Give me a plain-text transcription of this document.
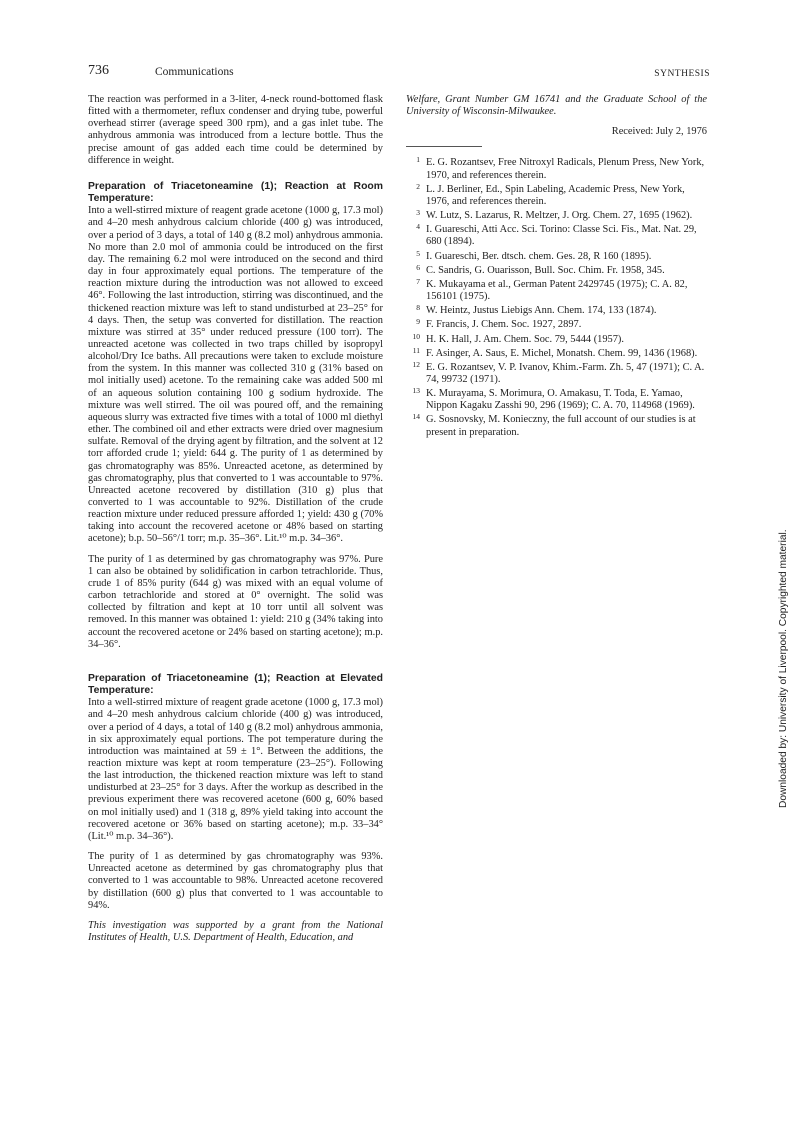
736	Communications	SYNTHESIS

The reaction was performed in a 3-liter, 4-neck round-bottomed flask fitted with a thermometer, reflux condenser and drying tube, powerful overhead stirrer (average speed 300 rpm), and a gas inlet tube. The anhydrous ammonia was introduced from a lecture bottle. Thus the precise amount of gas added each time could be determined by difference in weight.

Preparation of Triacetoneamine (1); Reaction at Room Temperature:

Into a well-stirred mixture of reagent grade acetone (1000 g, 17.3 mol) and 4–20 mesh anhydrous calcium chloride (400 g) was introduced, over a period of 3 days, a total of 140 g (8.2 mol) anhydrous ammonia. No more than 2.0 mol of ammonia could be introduced on the first day. The remaining 6.2 mol were introduced on the second and third day in four approximately equal portions. The temperature of the reaction mixture during the introduction was not allowed to exceed 46°. Following the last introduction, stirring was discontinued, and the thickened reaction mixture was left to stand undisturbed at 23–25° for 4 days. Then, the setup was converted for distillation. The reaction mixture was stirred at 35° under reduced pressure (100 torr). The unreacted acetone was collected in two traps chilled by isopropyl alcohol/Dry Ice baths. All precautions were taken to exclude moisture from the system. In this manner was collected 310 g (31% based on mol initially used) acetone. To the remaining cake was added 500 ml of an aqueous solution containing 100 g sodium hydroxide. The mixture was well stirred. The oil was poured off, and the remaining aqueous slurry was extracted five times with a total of 1000 ml diethyl ether. The combined oil and ether extracts were dried over magnesium sulfate. Removal of the drying agent by filtration, and the solvent at 12 torr afforded crude 1; yield: 644 g. The purity of 1 as determined by gas chromatography was 85%. Unreacted acetone, as determined by gas chromatography, plus that converted to 1 was accountable to 97%. Unreacted acetone recovered by distillation (310 g) plus that converted to 1 was accountable to 92%. Distillation of the crude reaction mixture under reduced pressure afforded 1; yield: 430 g (70% taking into account the recovered acetone or 48% based on starting acetone); b.p. 50–56°/1 torr; m.p. 35–36°. Lit.¹⁰ m.p. 34–36°.

The purity of 1 as determined by gas chromatography was 97%. Pure 1 can also be obtained by solidification in carbon tetrachloride. Thus, crude 1 of 85% purity (644 g) was mixed with an equal volume of carbon tetrachloride and stored at 0° overnight. The solid was collected by filtration and kept at 10 torr until all solvent was removed. In this manner was obtained 1: yield: 210 g (34% taking into account the recovered acetone or 24% based on starting acetone); m.p. 34–36°.

Preparation of Triacetoneamine (1); Reaction at Elevated Temperature:

Into a well-stirred mixture of reagent grade acetone (1000 g, 17.3 mol) and 4–20 mesh anhydrous calcium chloride (400 g) was introduced, over a period of 4 days, a total of 140 g (8.2 mol) anhydrous ammonia, in six approximately equal portions. The pot temperature during the introduction was maintained at 59 ± 1°. Between the additions, the reaction mixture was kept at room temperature (23–25°). Following the last introduction, the thickened reaction mixture was left to stand undisturbed at 23–25° for 3 days. After the workup as described in the previous experiment there was recovered acetone (600 g, 60% based on mol initially used) and 1 (318 g, 89% yield taking into account the recovered acetone or 36% based on starting acetone); m.p. 33–34° (Lit.¹⁰ m.p. 34–36°).

The purity of 1 as determined by gas chromatography was 93%. Unreacted acetone as determined by gas chromatography plus that converted to 1 was accountable to 98%. Unreacted acetone recovered by distillation (600 g) plus that converted to 1 was accountable to 94%.

This investigation was supported by a grant from the National Institutes of Health, U.S. Department of Health, Education, and

Welfare, Grant Number GM 16741 and the Graduate School of the University of Wisconsin-Milwaukee.

Received: July 2, 1976

1 E. G. Rozantsev, Free Nitroxyl Radicals, Plenum Press, New York, 1970, and references therein.
2 L. J. Berliner, Ed., Spin Labeling, Academic Press, New York, 1976, and references therein.
3 W. Lutz, S. Lazarus, R. Meltzer, J. Org. Chem. 27, 1695 (1962).
4 I. Guareschi, Atti Acc. Sci. Torino: Classe Sci. Fis., Mat. Nat. 29, 680 (1894).
5 I. Guareschi, Ber. dtsch. chem. Ges. 28, R 160 (1895).
6 C. Sandris, G. Ouarisson, Bull. Soc. Chim. Fr. 1958, 345.
7 K. Mukayama et al., German Patent 2429745 (1975); C. A. 82, 156101 (1975).
8 W. Heintz, Justus Liebigs Ann. Chem. 174, 133 (1874).
9 F. Francis, J. Chem. Soc. 1927, 2897.
10 H. K. Hall, J. Am. Chem. Soc. 79, 5444 (1957).
11 F. Asinger, A. Saus, E. Michel, Monatsh. Chem. 99, 1436 (1968).
12 E. G. Rozantsev, V. P. Ivanov, Khim.-Farm. Zh. 5, 47 (1971); C. A. 74, 99732 (1971).
13 K. Murayama, S. Morimura, O. Amakasu, T. Toda, E. Yamao, Nippon Kagaku Zasshi 90, 296 (1969); C. A. 70, 114968 (1969).
14 G. Sosnovsky, M. Konieczny, the full account of our studies is at present in preparation.
Downloaded by: University of Liverpool. Copyrighted material.
